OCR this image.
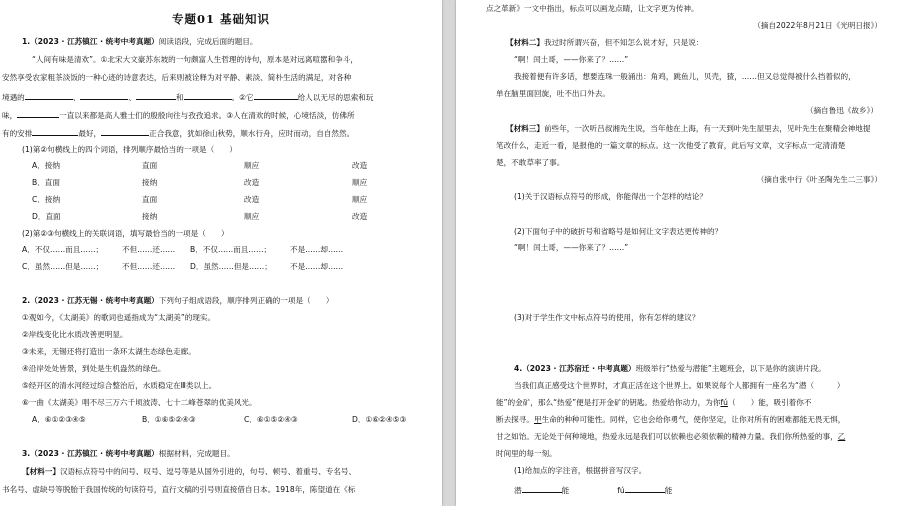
专题01 基础知识
1.（2023 · 江苏镇江 · 统考中考真题）阅读语段，完成后面的题目。
“人间有味是清欢”。①北宋大文豪苏东坡的一句颇富人生哲理的诗句，原本是对远离喧嚣和争斗，
安然享受农家粗茶淡饭的一种心迹的诗意表达，后来则被诠释为对平静、素淡、简朴生活的满足，对各种
境遇的	、	、	和	。②它	给人以无尽的思索和玩
味，	一直以来都是高人雅士们的殷殷向往与孜孜追求。③人在清欢的时候，心境恬淡，仿佛所
有的安排	最好，	正合我意，犹如徐山秋势，顺水行舟，应时而动，自自然然。
(1)第②句横线上的四个词语，排列顺序最恰当的一项是（　　）
A．接纳	直面	顺应	改造
B．直面	接纳	改造	顺应
C．接纳	直面	改造	顺应
D．直面	接纳	顺应	改造
(2)第②③句横线上的关联词语，填写最恰当的一项是（　　）
A．不仅……而且……； 不但……还…… B．不仅……而且……； 不是……却……
C．虽然……但是……； 不但……还…… D．虽然……但是……； 不是……却……
2.（2023 · 江苏无锡 · 统考中考真题）下列句子组成语段，顺序排列正确的一项是（　　）
①观如今，《太湖美》的歌词也遥指成为“太湖美”的现实。
②岸线变化比水质改善更明显。
③未来，无锡还将打造出一条环太湖生态绿色走廊。
④沿岸处处皆景，到处是生机盎然的绿色。
⑤经开区的清水河经过综合整治后，水质稳定在Ⅲ类以上。
⑥一曲《太湖美》唱不尽三万六千顷波涛、七十二峰苍翠的优美风光。
A．⑥①②③④⑤	B．①⑥⑤②④③	C．⑥①⑤②④③	D．①⑥②④⑤③
3.（2023 · 江苏镇江 · 统考中考真题）根据材料，完成题目。
【材料一】汉语标点符号中的问号、叹号、逗号等是从国外引进的，句号、顿号、着重号、专名号、
书名号、虚缺号等脱胎于我国传统的句读符号，直行文稿的引号则直接借自日本。1918年，陈望道在《标
点之革新》一文中指出，标点可以画龙点睛，让文字更为传神。
（摘自2022年8月21日《光明日报》）
【材料二】我过时所谓兴奋，但不知怎么说才好，只是说：
“啊！闰土哥，——你来了？……”
我接着便有许多话，想要连珠一般涌出：角鸡，跳鱼儿，贝壳，猹，……但又总觉得被什么挡着似的，
单在脑里面回旋，吐不出口外去。
（摘自鲁迅《故乡》）
【材料三】前些年，一次听吕叔湘先生说，当年他在上海，有一天到叶先生屋里去，见叶先生在聚精会神地提
笔改什么，走近一看，是报他的一篇文章的标点。这一次他受了教育，此后写文章，文字标点一定清清楚
楚，不敢草率了事。
（摘自张中行《叶圣陶先生二三事》）
(1)关于汉语标点符号的形成，你能得出一个怎样的结论？
(2)下面句子中的破折号和省略号是如何让文字表达更传神的？
“啊！闰土哥，——你来了？……”
(3)对于学生作文中标点符号的使用，你有怎样的建议？
4.（2023 · 江苏宿迁 · 中考真题）班级举行“热爱与潜能”主题班会，以下是你的演讲片段。
当我们真正感受这个世界时，才真正活在这个世界上。如果说每个人都拥有一座名为“潜（　　　）
能”的金矿，那么“热爱”便是打开金矿的钥匙。热爱给你动力，为你fú（　　）能，吸引着你不
断去探寻。甲生命的种种可能性。同样，它也会给你勇气，使你坚定，让你对所有的困难都能无畏无惧，
甘之如饴。无论处于何种境地，热爱永远是我们可以依赖也必须依赖的精神力量。我们你所热爱的事，乙
时间里的每一刻。
(1)给加点的字注音，根据拼音写汉字。
潜	能	fú	能
